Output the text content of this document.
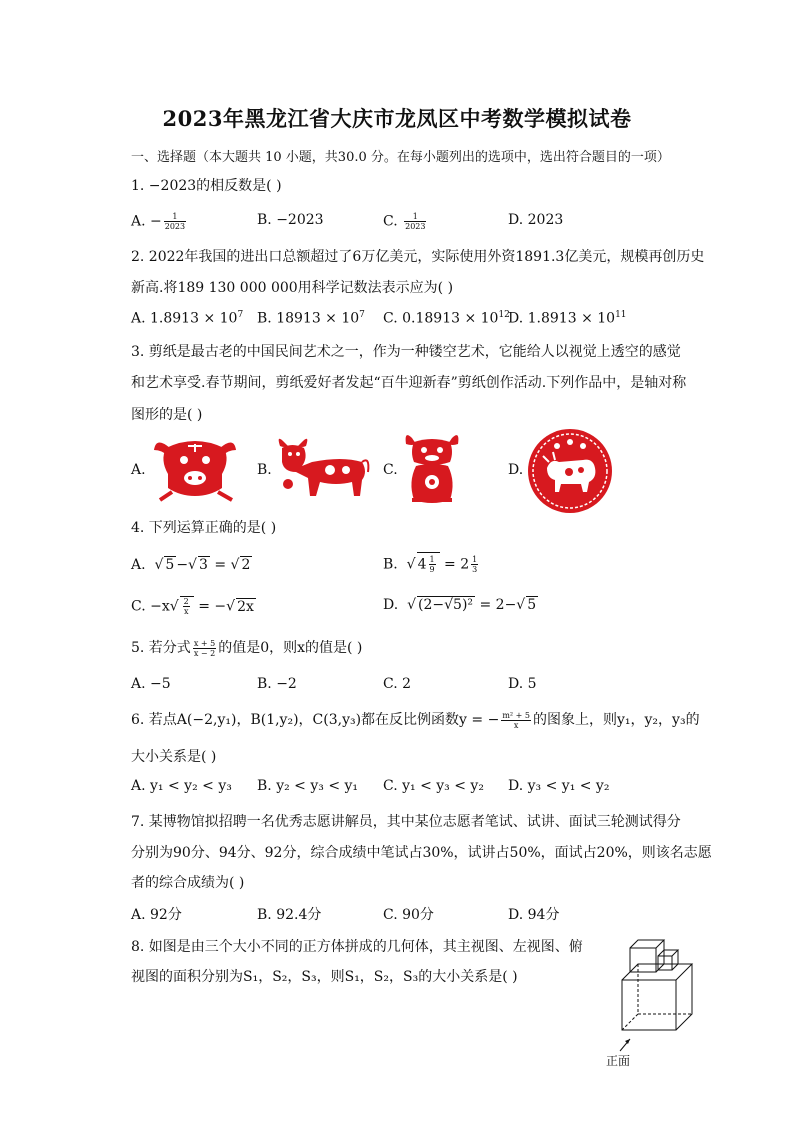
2023年黑龙江省大庆市龙凤区中考数学模拟试卷
一、选择题（本大题共 10 小题，共30.0 分。在每小题列出的选项中，选出符合题目的一项）
1. −2023的相反数是( )
A. − $\frac{1}{2023}$	B. −2023	C. $\frac{1}{2023}$	D. 2023
2. 2022年我国的进出口总额超过了6万亿美元，实际使用外资1891.3亿美元，规模再创历史
新高.将189 130 000 000用科学记数法表示应为( )
A. $1.8913 \times 10^7$ B. $18913 \times 10^7$ C. $0.18913 \times 10^{12}$
D. $1.8913 \times 10^{11}$
3. 剪纸是最古老的中国民间艺术之一，作为一种镂空艺术，它能给人以视觉上透空的感觉
和艺术享受.春节期间，剪纸爱好者发起“百牛迎新春”剪纸创作活动.下列作品中，是轴对称
图形的是( )
A.	B.	C.	D.
4. 下列运算正确的是( )
A.  √ 5 −√ 3 = √ 2	B.  √ $4 \frac{1}{9} = 2 \frac{1}{3}$
C. $-x√ \frac{2}{x}$ = −√ 2x	D.  √ (2−√5)² = 2−√ 5
5. 若分式 $\frac{x + 5}{x - 2}$ 的值是0，则x的值是( )
A. −5	B. −2	C. 2	D. 5
6. 若点A(−2,y₁)，B(1,y₂)，C(3,y₃)都在反比例函数y = − $\frac{\text{m² + 5}}{x}$ 的图象上，则y₁，y₂，y₃的
大小关系是( )
A. y₁ < y₂ < y₃ B. y₂ < y₃ < y₁ C. y₁ < y₃ < y₂ D. y₃ < y₁ < y₂
7. 某博物馆拟招聘一名优秀志愿讲解员，其中某位志愿者笔试、试讲、面试三轮测试得分
分别为90分、94分、92分，综合成绩中笔试占30%，试讲占50%，面试占20%，则该名志愿
者的综合成绩为( )
A. 92分	B. 92.4分	C. 90分	D. 94分
8. 如图是由三个大小不同的正方体拼成的几何体，其主视图、左视图、俯
视图的面积分别为S₁，S₂，S₃，则S₁，S₂，S₃的大小关系是( )
正面
